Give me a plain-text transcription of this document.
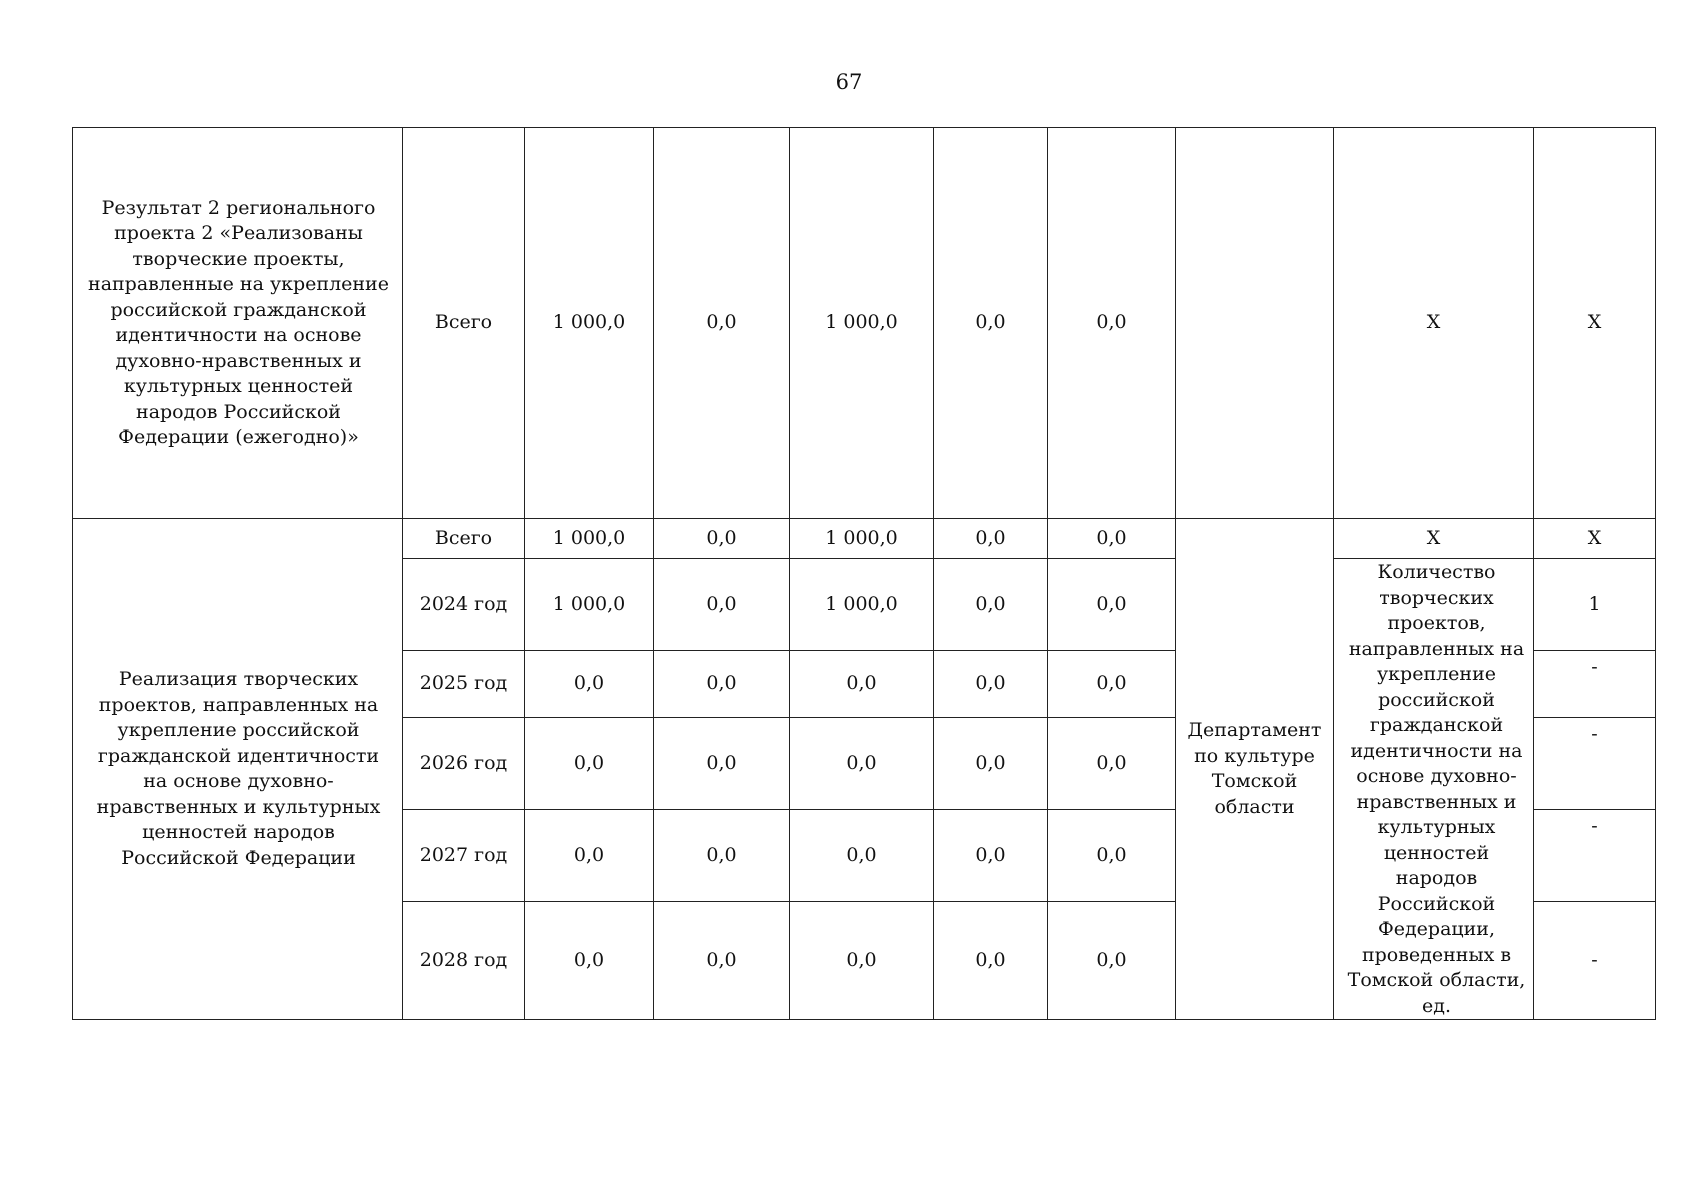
67
Результат 2 регионального проекта 2 «Реализованы творческие проекты, направленные на укрепление российской гражданской идентичности на основе духовно-нравственных и культурных ценностей народов Российской Федерации (ежегодно)»	Всего	1 000,0	0,0	1 000,0	0,0	0,0		Х	Х
Реализация творческих проектов, направленных на укрепление российской гражданской идентичности на основе духовно-нравственных и культурных ценностей народов Российской Федерации	Всего	1 000,0	0,0	1 000,0	0,0	0,0	Департамент по культуре Томской области	Х	Х
	2024 год	1 000,0	0,0	1 000,0	0,0	0,0		Количество творческих проектов, направленных на укрепление российской гражданской идентичности на основе духовно-нравственных и культурных ценностей народов Российской Федерации, проведенных в Томской области, ед.	1
	2025 год	0,0	0,0	0,0	0,0	0,0			-
	2026 год	0,0	0,0	0,0	0,0	0,0			-
	2027 год	0,0	0,0	0,0	0,0	0,0			-
	2028 год	0,0	0,0	0,0	0,0	0,0			-
